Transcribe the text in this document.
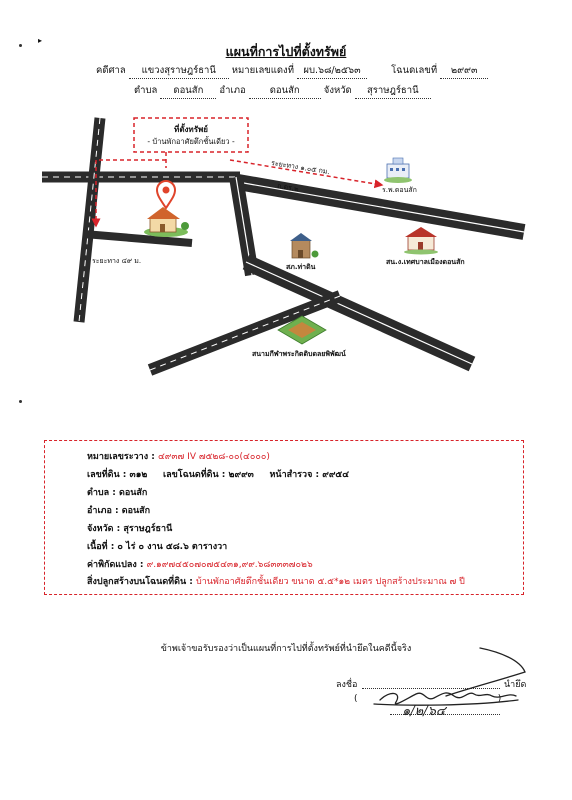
แผนที่การไปที่ตั้งทรัพย์
คดีศาล แขวงสุราษฎร์ธานี หมายเลขแดงที่ ผบ.๖๘/๒๕๖๓	โฉนดเลขที่ ๒๙๙๓
ตำบล ดอนสัก อำเภอ	ดอนสัก	จังหวัด สุราษฎร์ธานี
▸
ที่ตั้งทรัพย์
- บ้านพักอาศัยตึกชั้นเดียว -
ระยะทาง ๑.๐๕ กม.
ระยะทาง ๔๙ ม.
ถ.ดร.๒	ร.พ.ดอนสัก
สภ.ท่าดิน
สน.ง.เทศบาลเมืองดอนสัก
สนามกีฬาพระกิตติบดลยพิพัฒน์
หมายเลขระวาง : ๔๙๓๗ IV ๗๕๒๘-๐๐(๔๐๐๐)
เลขที่ดิน : ๓๑๒ เลขโฉนดที่ดิน : ๒๙๙๓ หน้าสำรวจ : ๙๙๕๔
ตำบล : ดอนสัก
อำเภอ : ดอนสัก
จังหวัด : สุราษฎร์ธานี
เนื้อที่ : ๐ ไร่ ๐ งาน ๕๘.๖ ตารางวา
ค่าพิกัดแปลง : ๙.๑๙๗๔๕๐๗๐๗๕๔๓๑,๙๙.๖๘๓๓๓๗๐๒๖
สิ่งปลูกสร้างบนโฉนดที่ดิน : บ้านพักอาศัยตึกชั้นเดียว ขนาด ๕.๕*๑๒ เมตร ปลูกสร้างประมาณ ๗ ปี
ข้าพเจ้าขอรับรองว่าเป็นแผนที่การไปที่ตั้งทรัพย์ที่นำยึดในคดีนี้จริง
ลงชื่อ	นำยึด
(                                                 )
๑/๒/๖๔
